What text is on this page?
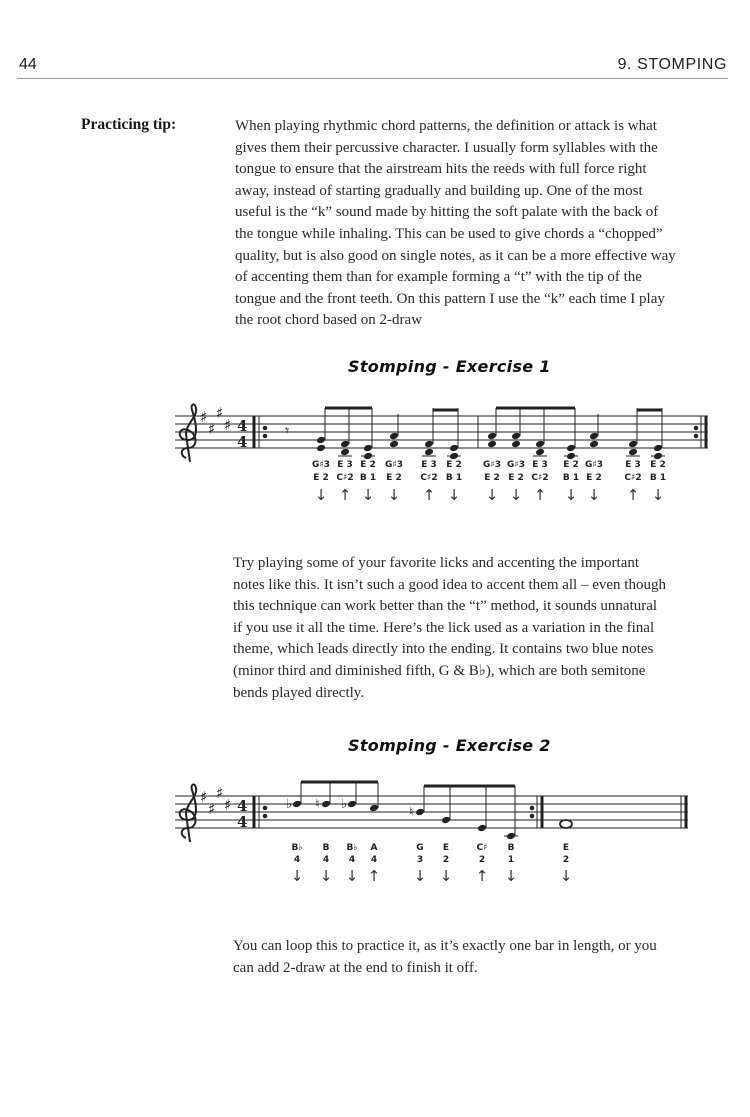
44	9. STOMPING
Practicing tip:	When playing rhythmic chord patterns, the definition or attack is what
gives them their percussive character. I usually form syllables with the
tongue to ensure that the airstream hits the reeds with full force right
away, instead of starting gradually and building up. One of the most
useful is the “k” sound made by hitting the soft palate with the back of
the tongue while inhaling. This can be used to give chords a “chopped”
quality, but is also good on single notes, as it can be a more effective way
of accenting them than for example forming a “t” with the tip of the
tongue and the front teeth. On this pattern I use the “k” each time I play
the root chord based on 2-draw
Stomping - Exercise 1
♯
♯
♯
♯ 4
4
𝄾
G♯3
E 2
↓
E 3
C♯2
↑
E 2
B 1
↓
G♯3
E 2
↓
E 3
C♯2
↑
E 2
B 1
↓
G♯3
E 2
↓
G♯3
E 2
↓
E 3
C♯2
↑
E 2
B 1
↓
G♯3
E 2
↓
E 3
C♯2
↑
E 2
B 1
↓
Try playing some of your favorite licks and accenting the important
notes like this. It isn’t such a good idea to accent them all – even though
this technique can work better than the “t” method, it sounds unnatural
if you use it all the time. Here’s the lick used as a variation in the final
theme, which leads directly into the ending. It contains two blue notes
(minor third and diminished fifth, G & B♭), which are both semitone
bends played directly.
Stomping - Exercise 2
♯
♯
♯
♯ 4
4
♭
B♭
4
↓
♮
B
4
↓
♭
B♭
4
↓
A
4
↑
♮
G
3
↓
E
2
↓
C♯
2
↑
B
1
↓
E
2
↓
You can loop this to practice it, as it’s exactly one bar in length, or you
can add 2-draw at the end to finish it off.
